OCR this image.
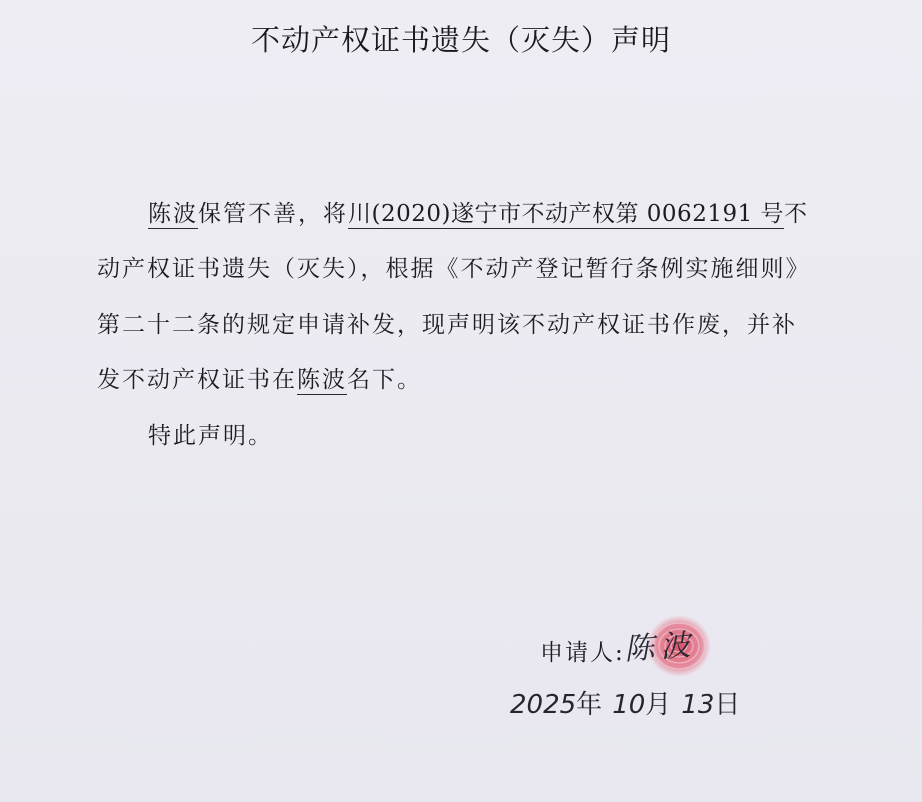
不动产权证书遗失（灭失）声明
陈波保管不善，将川(2020)遂宁市不动产权第 0062191 号不
动产权证书遗失（灭失），根据《不动产登记暂行条例实施细则》
第二十二条的规定申请补发，现声明该不动产权证书作废，并补
发不动产权证书在陈波名下。
特此声明。
申请人:
陈波
2025年 10月 13日
